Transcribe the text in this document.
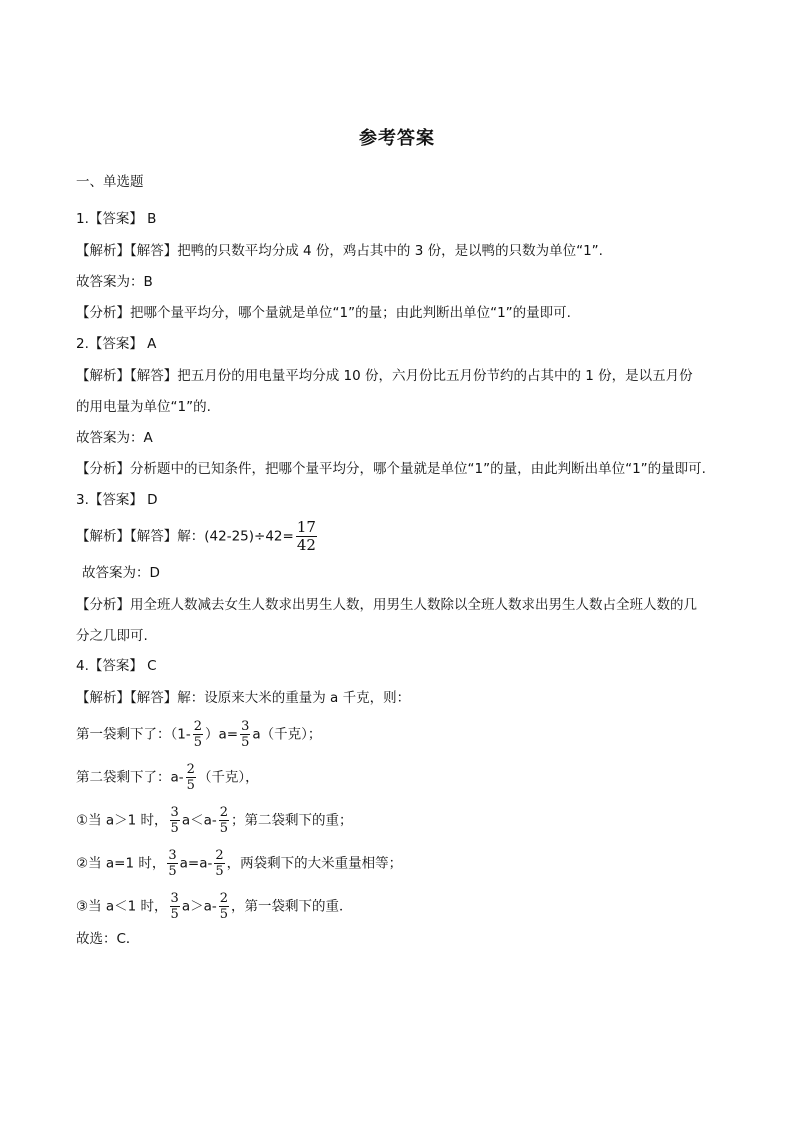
参考答案
一、单选题
1.【答案】 B
【解析】【解答】把鸭的只数平均分成 4 份，鸡占其中的 3 份，是以鸭的只数为单位“1”.
故答案为：B
【分析】把哪个量平均分，哪个量就是单位“1”的量；由此判断出单位“1”的量即可.
2.【答案】 A
【解析】【解答】把五月份的用电量平均分成 10 份，六月份比五月份节约的占其中的 1 份，是以五月份
的用电量为单位“1”的.
故答案为：A
【分析】分析题中的已知条件，把哪个量平均分，哪个量就是单位“1”的量，由此判断出单位“1”的量即可.
3.【答案】 D
【解析】【解答】解：$(42-25)\div 42= \frac{17}{42}$
故答案为：D
【分析】用全班人数减去女生人数求出男生人数，用男生人数除以全班人数求出男生人数占全班人数的几
分之几即可.
4.【答案】 C
【解析】【解答】解：设原来大米的重量为 a 千克，则：
第一袋剩下了：$(1- \frac{2}{5} )a= \frac{3}{5} a$（千克）；
第二袋剩下了：$a- \frac{2}{5}$ （千克），
①当 a＞1 时， $\frac{3}{5} a<a- \frac{2}{5}$ ；第二袋剩下的重；
②当 a=1 时， $\frac{3}{5} a=a- \frac{2}{5}$ ，两袋剩下的大米重量相等；
③当 a＜1 时， $\frac{3}{5} a>a- \frac{2}{5}$ ，第一袋剩下的重．
故选：C．
